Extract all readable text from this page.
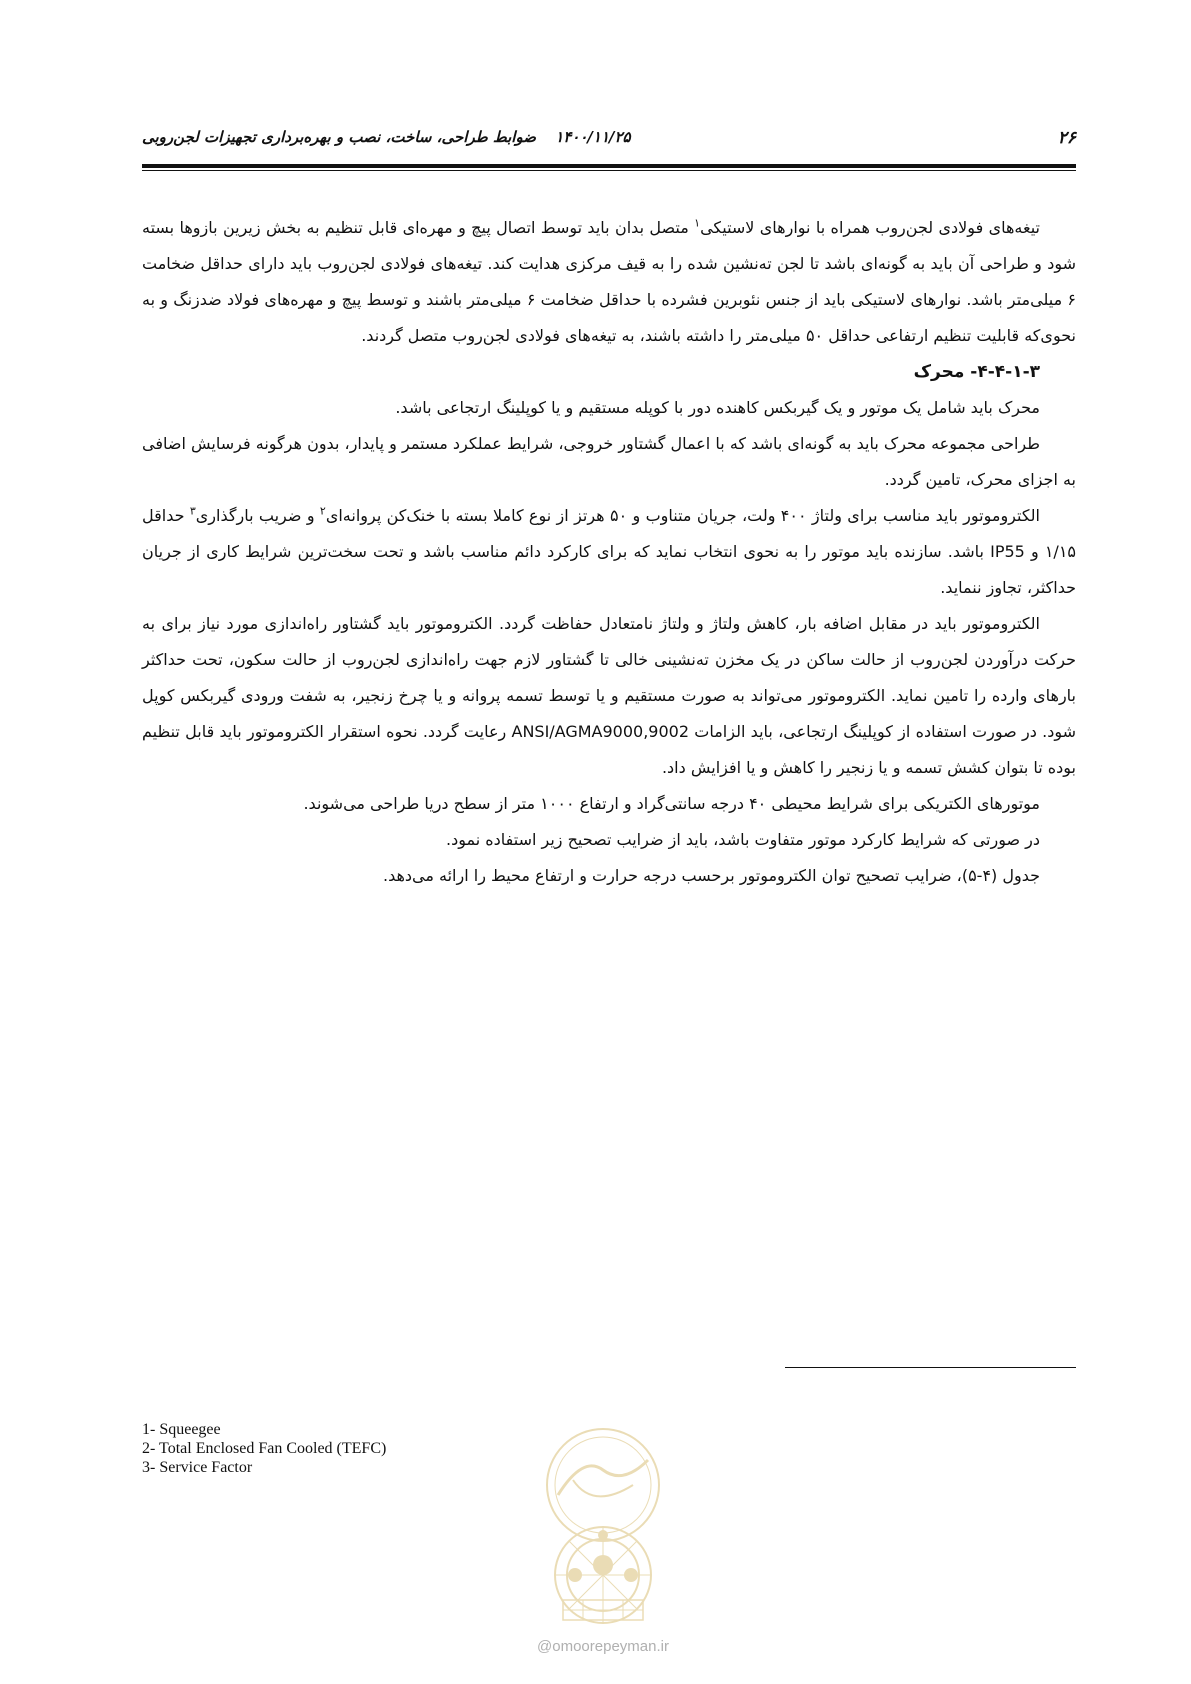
۱۴۰۰/۱۱/۲۵ ضوابط طراحی، ساخت، نصب و بهره‌برداری تجهیزات لجن‌روبی	۲۶

تیغه‌های فولادی لجن‌روب همراه با نوارهای لاستیکی$^۱$ متصل بدان باید توسط اتصال پیچ و مهره‌ای قابل تنظیم به بخش زیرین بازوها بسته شود و طراحی آن باید به گونه‌ای باشد تا لجن ته‌نشین شده را به قیف مرکزی هدایت کند. تیغه‌های فولادی لجن‌روب باید دارای حداقل ضخامت ۶ میلی‌متر باشد. نوارهای لاستیکی باید از جنس نئوبرین فشرده با حداقل ضخامت ۶ میلی‌متر باشند و توسط پیچ و مهره‌های فولاد ضدزنگ و به نحوی‌که قابلیت تنظیم ارتفاعی حداقل ۵۰ میلی‌متر را داشته باشند، به تیغه‌های فولادی لجن‌روب متصل گردند.

۴-۴-۱-۳- محرک

محرک باید شامل یک موتور و یک گیربکس کاهنده دور با کوپله مستقیم و یا کوپلینگ ارتجاعی باشد.

طراحی مجموعه محرک باید به گونه‌ای باشد که با اعمال گشتاور خروجی، شرایط عملکرد مستمر و پایدار، بدون هرگونه فرسایش اضافی به اجزای محرک، تامین گردد.

الکتروموتور باید مناسب برای ولتاژ ۴۰۰ ولت، جریان متناوب و ۵۰ هرتز از نوع کاملا بسته با خنک‌کن پروانه‌ای$^۲$ و ضریب بارگذاری$^۳$ حداقل ۱/۱۵ و IP55 باشد. سازنده باید موتور را به نحوی انتخاب نماید که برای کارکرد دائم مناسب باشد و تحت سخت‌ترین شرایط کاری از جریان حداکثر، تجاوز ننماید.

الکتروموتور باید در مقابل اضافه بار، کاهش ولتاژ و ولتاژ نامتعادل حفاظت گردد. الکتروموتور باید گشتاور راه‌اندازی مورد نیاز برای به حرکت درآوردن لجن‌روب از حالت ساکن در یک مخزن ته‌نشینی خالی تا گشتاور لازم جهت راه‌اندازی لجن‌روب از حالت سکون، تحت حداکثر بارهای وارده را تامین نماید. الکتروموتور می‌تواند به صورت مستقیم و یا توسط تسمه پروانه و یا چرخ زنجیر، به شفت ورودی گیربکس کوپل شود. در صورت استفاده از کوپلینگ ارتجاعی، باید الزامات ANSI/AGMA9000,9002 رعایت گردد. نحوه استقرار الکتروموتور باید قابل تنظیم بوده تا بتوان کشش تسمه و یا زنجیر را کاهش و یا افزایش داد.

موتورهای الکتریکی برای شرایط محیطی ۴۰ درجه سانتی‌گراد و ارتفاع ۱۰۰۰ متر از سطح دریا طراحی می‌شوند.

در صورتی که شرایط کارکرد موتور متفاوت باشد، باید از ضرایب تصحیح زیر استفاده نمود.

جدول (۴-۵)، ضرایب تصحیح توان الکتروموتور برحسب درجه حرارت و ارتفاع محیط را ارائه می‌دهد.

1- Squeegee
2- Total Enclosed Fan Cooled (TEFC)
3- Service Factor
@omoorepeyman.ir
